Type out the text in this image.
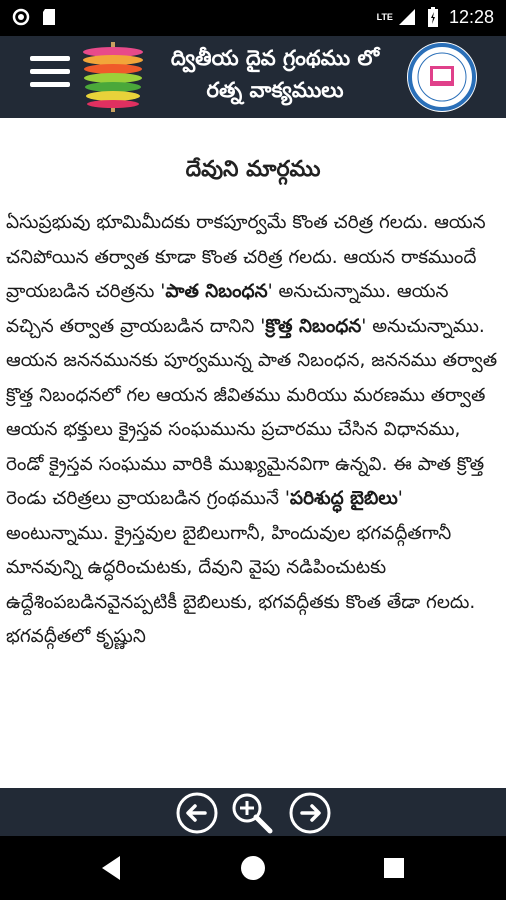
LTE	12:28
ద్వితీయ దైవ గ్రంథము లో
రత్న వాక్యములు
దేవుని మార్గము

ఏసుప్రభువు భూమిమీదకు రాకపూర్వమే కొంత చరిత్ర గలదు. ఆయన చనిపోయిన తర్వాత కూడా కొంత చరిత్ర గలదు. ఆయన రాకముందే వ్రాయబడిన చరిత్రను 'పాత నిబంధన' అనుచున్నాము. ఆయన వచ్చిన తర్వాత వ్రాయబడిన దానిని 'క్రొత్త నిబంధన' అనుచున్నాము. ఆయన జననమునకు పూర్వమున్న పాత నిబంధన, జననము తర్వాత క్రొత్త నిబంధనలో గల ఆయన జీవితము మరియు మరణము తర్వాత ఆయన భక్తులు క్రైస్తవ సంఘమును ప్రచారము చేసిన విధానము, రెండో క్రైస్తవ సంఘము వారికి ముఖ్యమైనవిగా ఉన్నవి. ఈ పాత క్రొత్త రెండు చరిత్రలు వ్రాయబడిన గ్రంథమునే 'పరిశుద్ధ బైబిలు' అంటున్నాము. క్రైస్తవుల బైబిలుగానీ, హిందువుల భగవద్గీతగానీ మానవున్ని ఉద్ధరించుటకు, దేవుని వైపు నడిపించుటకు ఉద్దేశింపబడినవైనప్పటికీ బైబిలుకు, భగవద్గీతకు కొంత తేడా గలదు. భగవద్గీతలో కృష్ణుని
